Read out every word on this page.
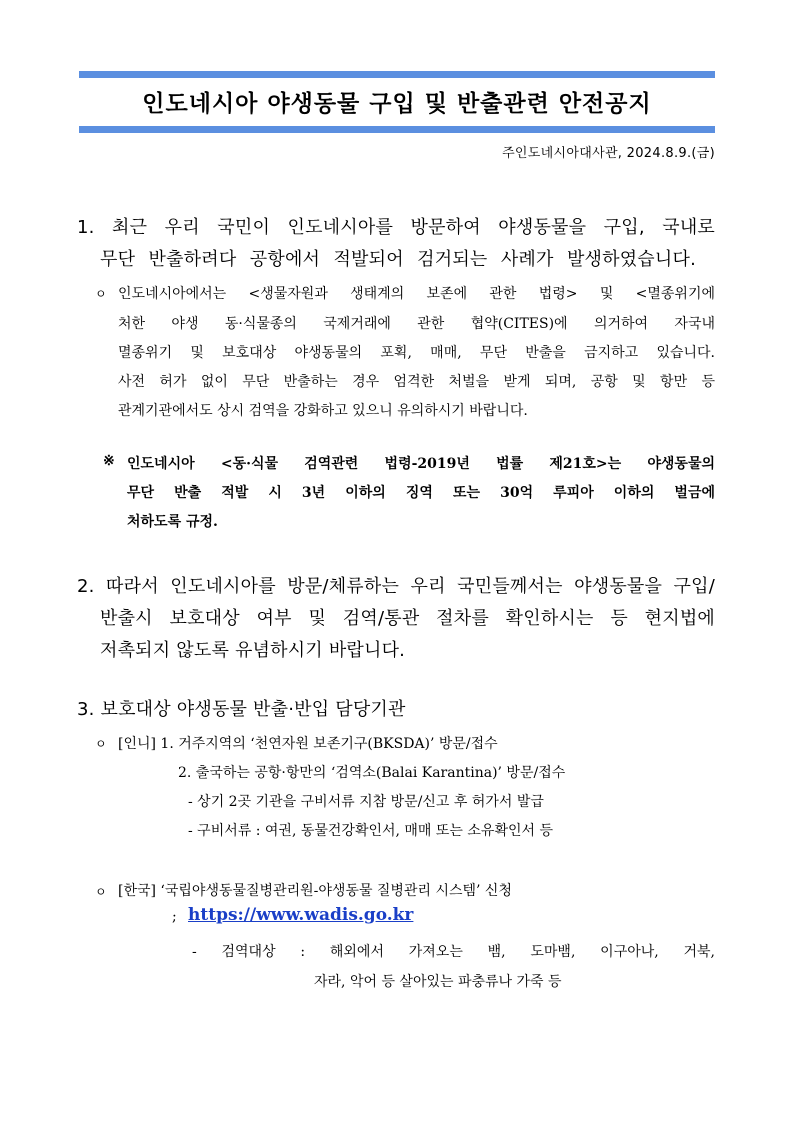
인도네시아 야생동물 구입 및 반출관련 안전공지
주인도네시아대사관, 2024.8.9.(금)
1. 최근 우리 국민이 인도네시아를 방문하여 야생동물을 구입, 국내로
무단 반출하려다 공항에서 적발되어 검거되는 사례가 발생하였습니다.
ㅇ 인도네시아에서는 <생물자원과 생태계의 보존에 관한 법령> 및 <멸종위기에
처한 야생 동·식물종의 국제거래에 관한 협약(CITES)에 의거하여 자국내
멸종위기 및 보호대상 야생동물의 포획, 매매, 무단 반출을 금지하고 있습니다.
사전 허가 없이 무단 반출하는 경우 엄격한 처벌을 받게 되며, 공항 및 항만 등
관계기관에서도 상시 검역을 강화하고 있으니 유의하시기 바랍니다.
※ 인도네시아 <동·식물 검역관련 법령-2019년 법률 제21호>는 야생동물의
무단 반출 적발 시 3년 이하의 징역 또는 30억 루피아 이하의 벌금에
처하도록 규정.
2. 따라서 인도네시아를 방문/체류하는 우리 국민들께서는 야생동물을 구입/
반출시 보호대상 여부 및 검역/통관 절차를 확인하시는 등 현지법에
저촉되지 않도록 유념하시기 바랍니다.
3. 보호대상 야생동물 반출·반입 담당기관
ㅇ [인니] 1. 거주지역의 ‘천연자원 보존기구(BKSDA)’ 방문/접수
2. 출국하는 공항·항만의 ‘검역소(Balai Karantina)’ 방문/접수
- 상기 2곳 기관을 구비서류 지참 방문/신고 후 허가서 발급
- 구비서류 : 여권, 동물건강확인서, 매매 또는 소유확인서 등
ㅇ [한국] ‘국립야생동물질병관리원-야생동물 질병관리 시스템’ 신청
; https://www.wadis.go.kr
- 검역대상 : 해외에서 가져오는 뱀, 도마뱀, 이구아나, 거북,
자라, 악어 등 살아있는 파충류나 가죽 등
